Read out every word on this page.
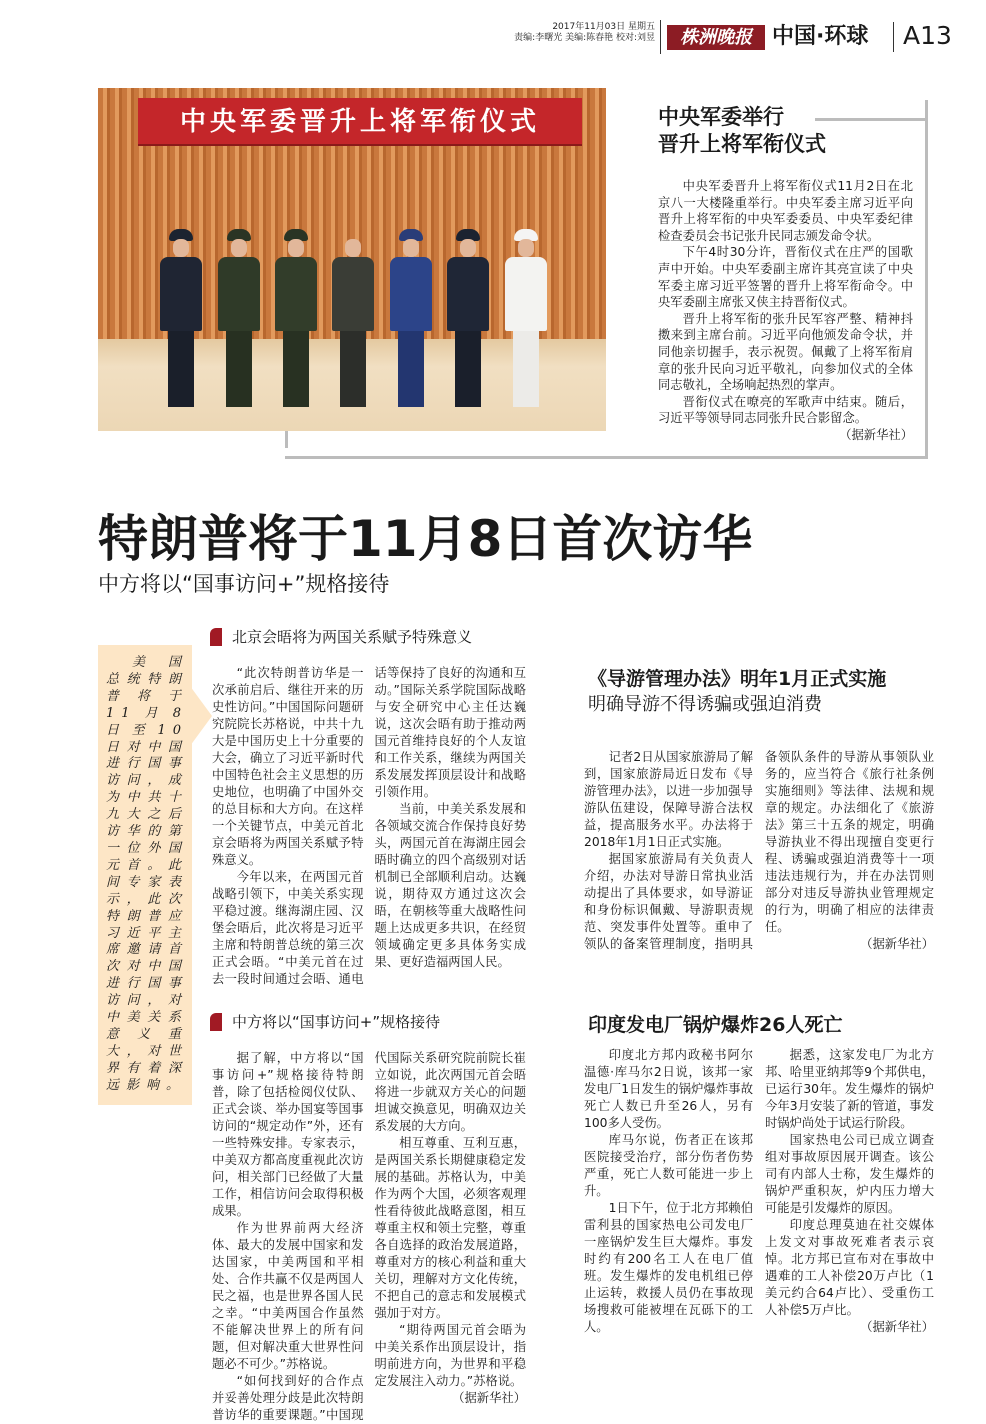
2017年11月03日 星期五
责编:李曙光 美编:陈春艳 校对:刘昱	株洲晚报 中国·环球 A13
中央军委举行
晋升上将军衔仪式

中央军委晋升上将军衔仪式11月2日在北京八一大楼隆重举行。中央军委主席习近平向晋升上将军衔的中央军委委员、中央军委纪律检查委员会书记张升民同志颁发命令状。

下午4时30分许，晋衔仪式在庄严的国歌声中开始。中央军委副主席许其亮宣读了中央军委主席习近平签署的晋升上将军衔命令。中央军委副主席张又侠主持晋衔仪式。

晋升上将军衔的张升民军容严整、精神抖擞来到主席台前。习近平向他颁发命令状，并同他亲切握手，表示祝贺。佩戴了上将军衔肩章的张升民向习近平敬礼，向参加仪式的全体同志敬礼，全场响起热烈的掌声。

晋衔仪式在嘹亮的军歌声中结束。随后，习近平等领导同志同张升民合影留念。

（据新华社）

中央军委晋升上将军衔仪式
特朗普将于11月8日首次访华
中方将以“国事访问+”规格接待

美国总统特朗普将于11月8日至10日对中国进行国事访问，成为中共十九大之后访华的第一位外国元首。此间专家表示，此次特朗普应习近平主席邀请首次对中国进行国事访问，对中美关系意义重大，对世界有着深远影响。

北京会晤将为两国关系赋予特殊意义

“此次特朗普访华是一次承前启后、继往开来的历史性访问。”中国国际问题研究院院长苏格说，中共十九大是中国历史上十分重要的大会，确立了习近平新时代中国特色社会主义思想的历史地位，也明确了中国外交的总目标和大方向。在这样一个关键节点，中美元首北京会晤将为两国关系赋予特殊意义。

今年以来，在两国元首战略引领下，中美关系实现平稳过渡。继海湖庄园、汉堡会晤后，此次将是习近平主席和特朗普总统的第三次正式会晤。“中美元首在过去一段时间通过会晤、通电话等保持了良好的沟通和互动。”国际关系学院国际战略与安全研究中心主任达巍说，这次会晤有助于推动两国元首维持良好的个人友谊和工作关系，继续为两国关系发展发挥顶层设计和战略引领作用。

当前，中美关系发展和各领域交流合作保持良好势头，两国元首在海湖庄园会晤时确立的四个高级别对话机制已全部顺利启动。达巍说，期待双方通过这次会晤，在朝核等重大战略性问题上达成更多共识，在经贸领域确定更多具体务实成果、更好造福两国人民。

中方将以“国事访问+”规格接待

据了解，中方将以“国事访问+”规格接待特朗普，除了包括检阅仪仗队、正式会谈、举办国宴等国事访问的“规定动作”外，还有一些特殊安排。专家表示，中美双方都高度重视此次访问，相关部门已经做了大量工作，相信访问会取得积极成果。

作为世界前两大经济体、最大的发展中国家和发达国家，中美两国和平相处、合作共赢不仅是两国人民之福，也是世界各国人民之幸。“中美两国合作虽然不能解决世界上的所有问题，但对解决重大世界性问题必不可少。”苏格说。

“如何找到好的合作点并妥善处理分歧是此次特朗普访华的重要课题。”中国现代国际关系研究院前院长崔立如说，此次两国元首会晤将进一步就双方关心的问题坦诚交换意见，明确双边关系发展的大方向。

相互尊重、互利互惠，是两国关系长期健康稳定发展的基础。苏格认为，中美作为两个大国，必须客观理性看待彼此战略意图，相互尊重主权和领土完整，尊重各自选择的政治发展道路，尊重对方的核心利益和重大关切，理解对方文化传统，不把自己的意志和发展模式强加于对方。

“期待两国元首会晤为中美关系作出顶层设计，指明前进方向，为世界和平稳定发展注入动力。”苏格说。
（据新华社）

《导游管理办法》明年1月正式实施
明确导游不得诱骗或强迫消费

记者2日从国家旅游局了解到，国家旅游局近日发布《导游管理办法》，以进一步加强导游队伍建设，保障导游合法权益，提高服务水平。办法将于2018年1月1日正式实施。

据国家旅游局有关负责人介绍，办法对导游日常执业活动提出了具体要求，如导游证和身份标识佩戴、导游职责规范、突发事件处置等。重申了领队的备案管理制度，指明具备领队条件的导游从事领队业务的，应当符合《旅行社条例实施细则》等法律、法规和规章的规定。办法细化了《旅游法》第三十五条的规定，明确导游执业不得出现擅自变更行程、诱骗或强迫消费等十一项违法违规行为，并在办法罚则部分对违反导游执业管理规定的行为，明确了相应的法律责任。

（据新华社）

印度发电厂锅炉爆炸26人死亡

印度北方邦内政秘书阿尔温德·库马尔2日说，该邦一家发电厂1日发生的锅炉爆炸事故死亡人数已升至26人，另有100多人受伤。

库马尔说，伤者正在该邦医院接受治疗，部分伤者伤势严重，死亡人数可能进一步上升。

1日下午，位于北方邦赖伯雷利县的国家热电公司发电厂一座锅炉发生巨大爆炸。事发时约有200名工人在电厂值班。发生爆炸的发电机组已停止运转，救援人员仍在事故现场搜救可能被埋在瓦砾下的工人。

据悉，这家发电厂为北方邦、哈里亚纳邦等9个邦供电，已运行30年。发生爆炸的锅炉今年3月安装了新的管道，事发时锅炉尚处于试运行阶段。

国家热电公司已成立调查组对事故原因展开调查。该公司有内部人士称，发生爆炸的锅炉严重积灰，炉内压力增大可能是引发爆炸的原因。

印度总理莫迪在社交媒体上发文对事故死难者表示哀悼。北方邦已宣布对在事故中遇难的工人补偿20万卢比（1美元约合64卢比）、受重伤工人补偿5万卢比。

（据新华社）
